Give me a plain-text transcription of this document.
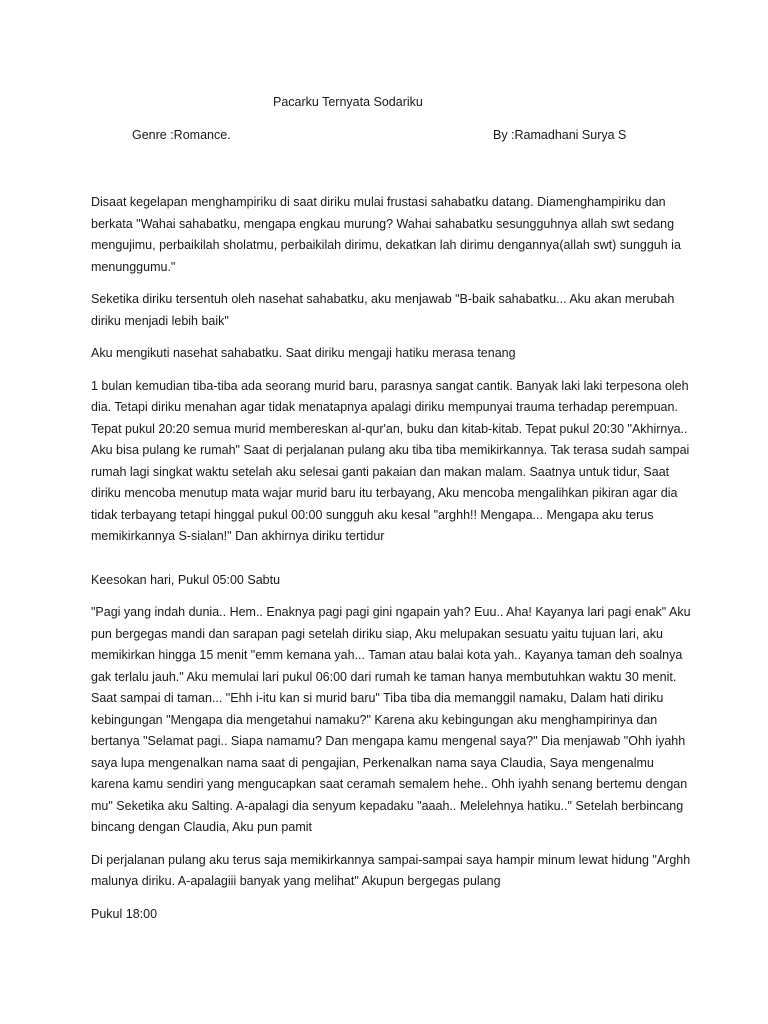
Pacarku Ternyata Sodariku
Genre :Romance.	By :Ramadhani Surya S

Disaat kegelapan menghampiriku di saat diriku mulai frustasi sahabatku datang. Diamenghampiriku dan berkata "Wahai sahabatku, mengapa engkau murung? Wahai sahabatku sesungguhnya allah swt sedang mengujimu, perbaikilah sholatmu, perbaikilah dirimu, dekatkan lah dirimu dengannya(allah swt) sungguh ia menunggumu."

Seketika diriku tersentuh oleh nasehat sahabatku, aku menjawab "B-baik sahabatku... Aku akan merubah diriku menjadi lebih baik"

Aku mengikuti nasehat sahabatku. Saat diriku mengaji hatiku merasa tenang

1 bulan kemudian tiba-tiba ada seorang murid baru, parasnya sangat cantik. Banyak laki laki terpesona oleh dia. Tetapi diriku menahan agar tidak menatapnya apalagi diriku mempunyai trauma terhadap perempuan. Tepat pukul 20:20 semua murid membereskan al-qur'an, buku dan kitab-kitab. Tepat pukul 20:30 "Akhirnya.. Aku bisa pulang ke rumah" Saat di perjalanan pulang aku tiba tiba memikirkannya. Tak terasa sudah sampai rumah lagi singkat waktu setelah aku selesai ganti pakaian dan makan malam. Saatnya untuk tidur, Saat diriku mencoba menutup mata wajar murid baru itu terbayang, Aku mencoba mengalihkan pikiran agar dia tidak terbayang tetapi hinggal pukul 00:00 sungguh aku kesal "arghh!! Mengapa... Mengapa aku terus memikirkannya S-sialan!" Dan akhirnya diriku tertidur

Keesokan hari, Pukul 05:00 Sabtu

"Pagi yang indah dunia.. Hem.. Enaknya pagi pagi gini ngapain yah? Euu.. Aha! Kayanya lari pagi enak" Aku pun bergegas mandi dan sarapan pagi setelah diriku siap, Aku melupakan sesuatu yaitu tujuan lari, aku memikirkan hingga 15 menit "emm kemana yah... Taman atau balai kota yah.. Kayanya taman deh soalnya gak terlalu jauh." Aku memulai lari pukul 06:00 dari rumah ke taman hanya membutuhkan waktu 30 menit. Saat sampai di taman... "Ehh i-itu kan si murid baru" Tiba tiba dia memanggil namaku, Dalam hati diriku kebingungan "Mengapa dia mengetahui namaku?" Karena aku kebingungan aku menghampirinya dan bertanya "Selamat pagi.. Siapa namamu? Dan mengapa kamu mengenal saya?" Dia menjawab "Ohh iyahh saya lupa mengenalkan nama saat di pengajian, Perkenalkan nama saya Claudia, Saya mengenalmu karena kamu sendiri yang mengucapkan saat ceramah semalem hehe.. Ohh iyahh senang bertemu dengan mu" Seketika aku Salting. A-apalagi dia senyum kepadaku "aaah.. Melelehnya hatiku.." Setelah berbincang bincang dengan Claudia, Aku pun pamit

Di perjalanan pulang aku terus saja memikirkannya sampai-sampai saya hampir minum lewat hidung "Arghh malunya diriku. A-apalagiii banyak yang melihat" Akupun bergegas pulang

Pukul 18:00
